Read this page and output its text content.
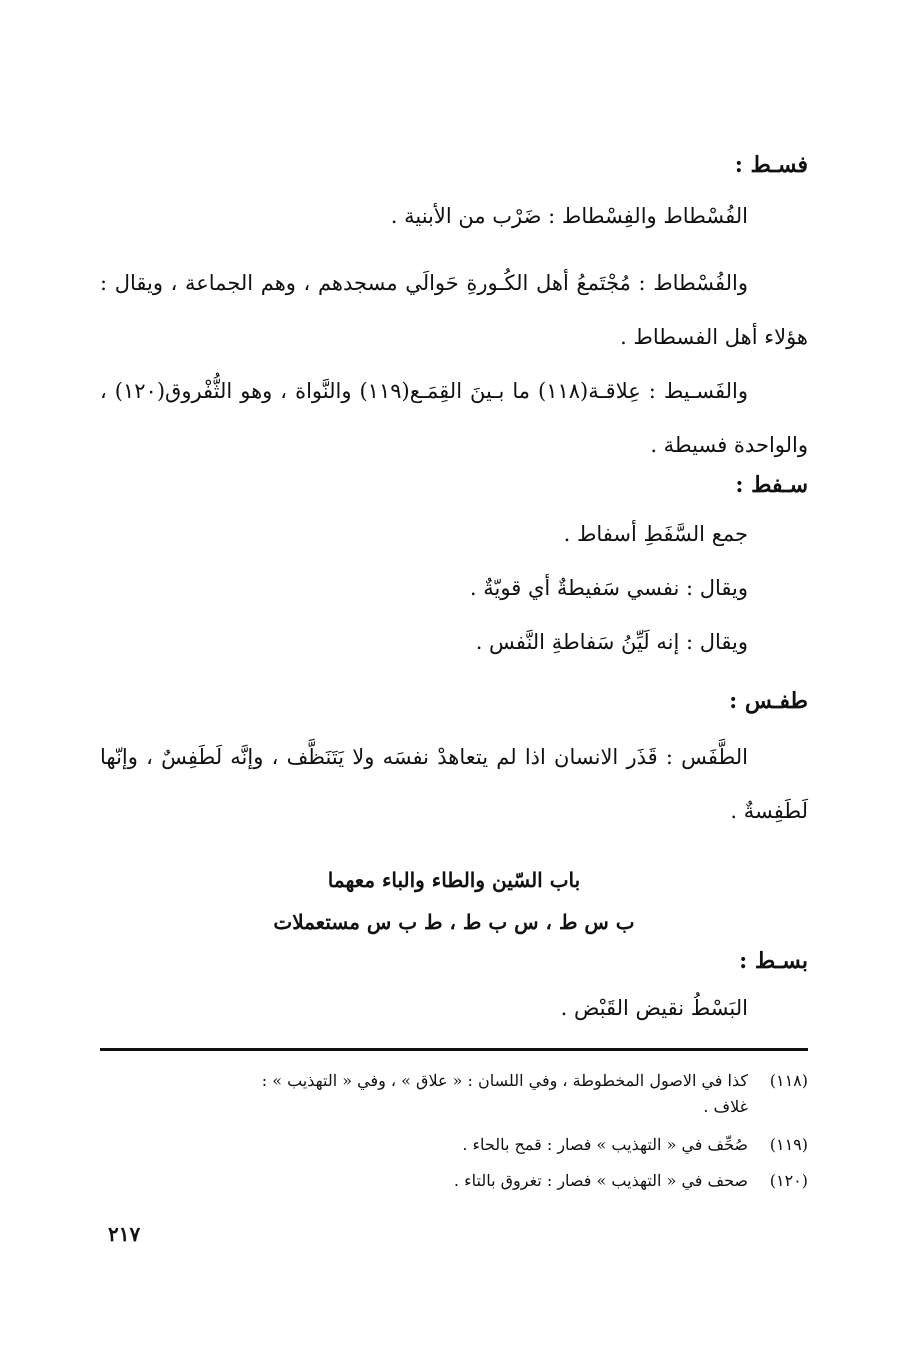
فسـط :
الفُسْطاط والفِسْطاط : ضَرْب من الأبنية .
والفُسْطاط : مُجْتَمعُ أهل الكُـورةِ حَوالَي مسجدهم ، وهم الجماعة ، ويقال : هؤلاء أهل الفسطاط .
والفَسـيط : عِلاقـة(١١٨) ما بـينَ القِمَـع(١١٩) والنَّواة ، وهو الثُّفْروق(١٢٠) ، والواحدة فسيطة .
سـفط :
جمع السَّفَطِ أسفاط .
ويقال : نفسي سَفيطةٌ أي قويّةٌ .
ويقال : إنه لَيِّنُ سَفاطةِ النَّفس .
طفـس :
الطَّفَس : قَذَر الانسان اذا لم يتعاهدْ نفسَه ولا يَتَنَظَّف ، وإنَّه لَطَفِسٌ ، وإنّها لَطَفِسةٌ .
باب السّين والطاء والباء معهما
ب س ط ، س ب ط ، ط ب س مستعملات
بسـط :
البَسْطُ نقيض القَبْض .
(١١٨)كذا في الاصول المخطوطة ، وفي اللسان : « علاق » ، وفي « التهذيب » :
غلاف .
(١١٩)صُحِّف في « التهذيب » فصار : قمح بالحاء .
(١٢٠)صحف في « التهذيب » فصار : تغروق بالتاء .
٢١٧
